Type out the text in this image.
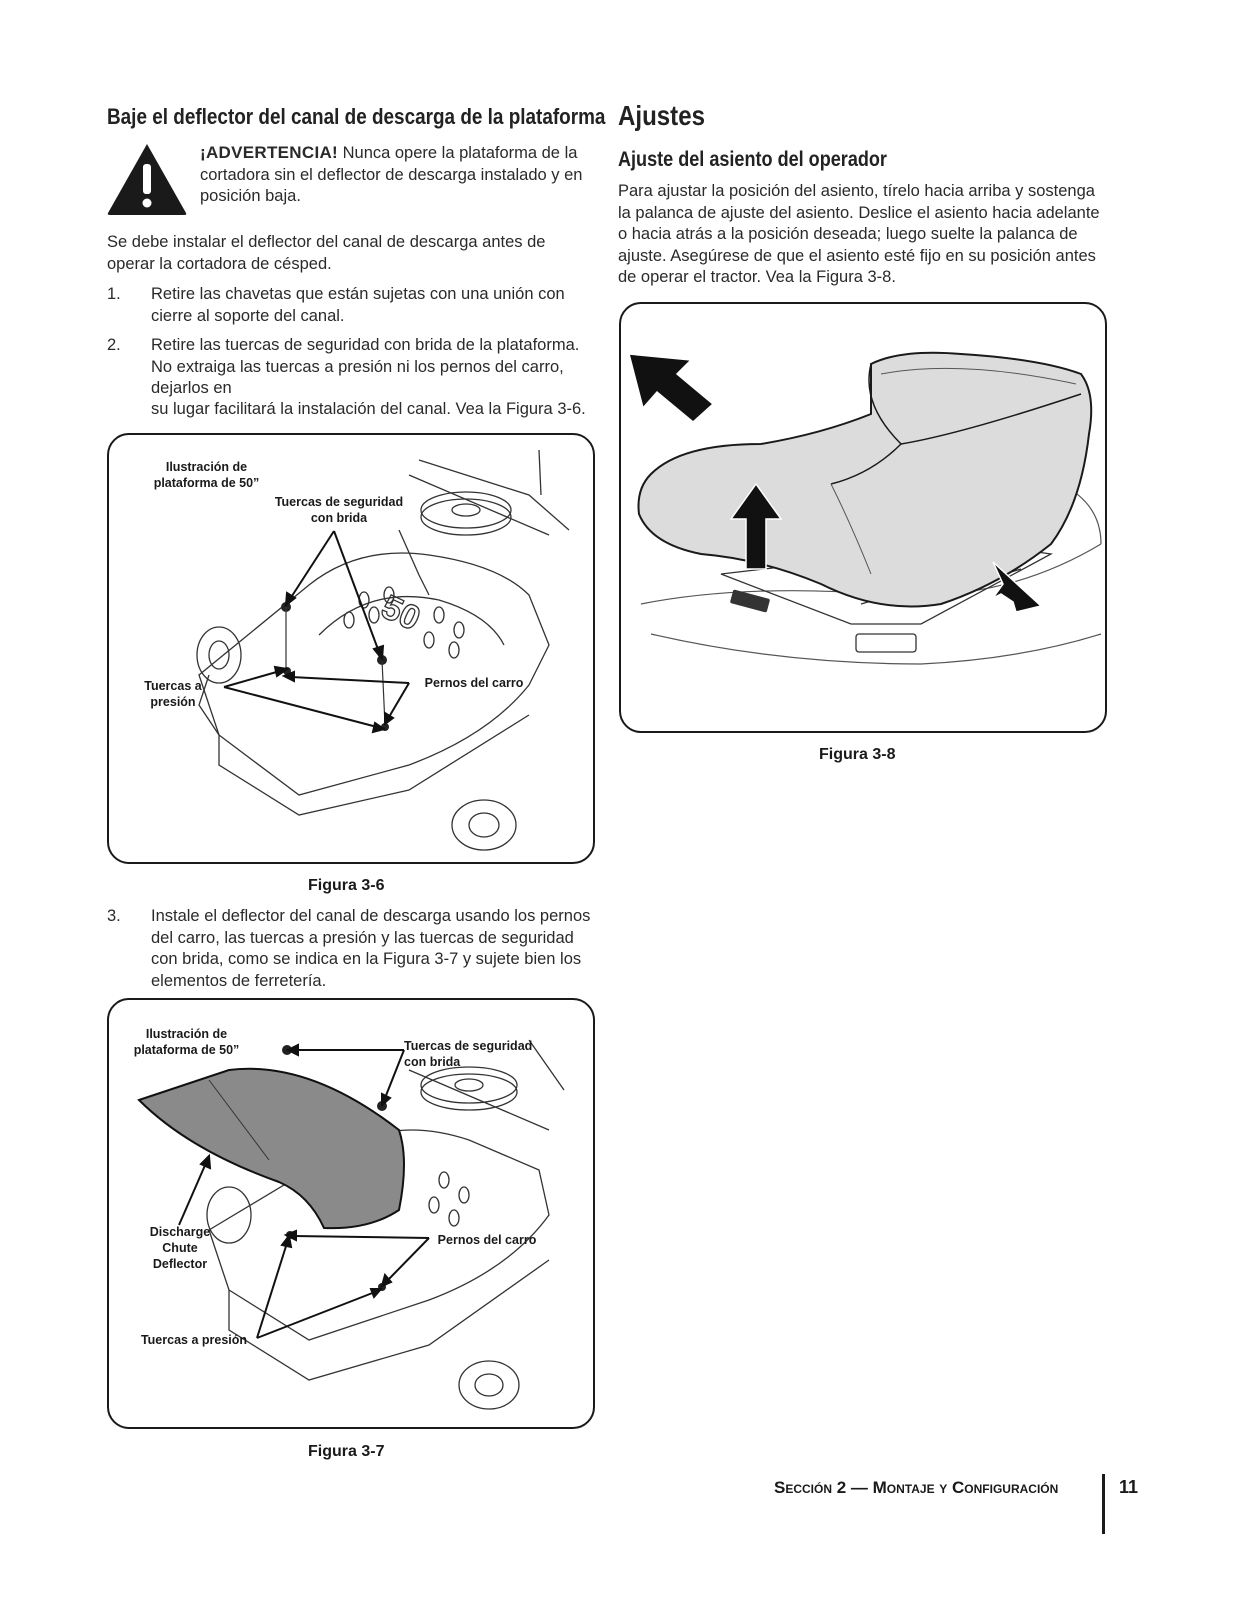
Baje el deflector del canal de descarga de la plataforma
¡ADVERTENCIA! Nunca opere la plataforma de la cortadora sin el deflector de descarga instalado y en posición baja.
Se debe instalar el deflector del canal de descarga antes de operar la cortadora de césped.
1.	Retire las chavetas que están sujetas con una unión con cierre al soporte del canal.
2.	Retire las tuercas de seguridad con brida de la plataforma. No extraiga las tuercas a presión ni los pernos del carro, dejarlos en
su lugar facilitará la instalación del canal. Vea la Figura 3-6.
50
Ilustración de plataforma de 50”
Tuercas de seguridad con brida
Tuercas a presión
Pernos del carro
Figura 3-6
3.	Instale el deflector del canal de descarga usando los pernos del carro, las tuercas a presión y las tuercas de seguridad con brida, como se indica en la Figura 3-7 y sujete bien los elementos de ferretería.
Ilustración de plataforma de 50”	Tuercas de seguridad con brida
Discharge Chute Deflector
Pernos del carro
Tuercas a presión
Figura 3-7
Ajustes
Ajuste del asiento del operador
Para ajustar la posición del asiento, tírelo hacia arriba y sostenga la palanca de ajuste del asiento. Deslice el asiento hacia adelante o hacia atrás a la posición deseada; luego suelte la palanca de ajuste. Asegúrese de que el asiento esté fijo en su posición antes de operar el tractor. Vea la Figura 3-8.
Figura 3-8
Sección 2 — Montaje y Configuración	11
